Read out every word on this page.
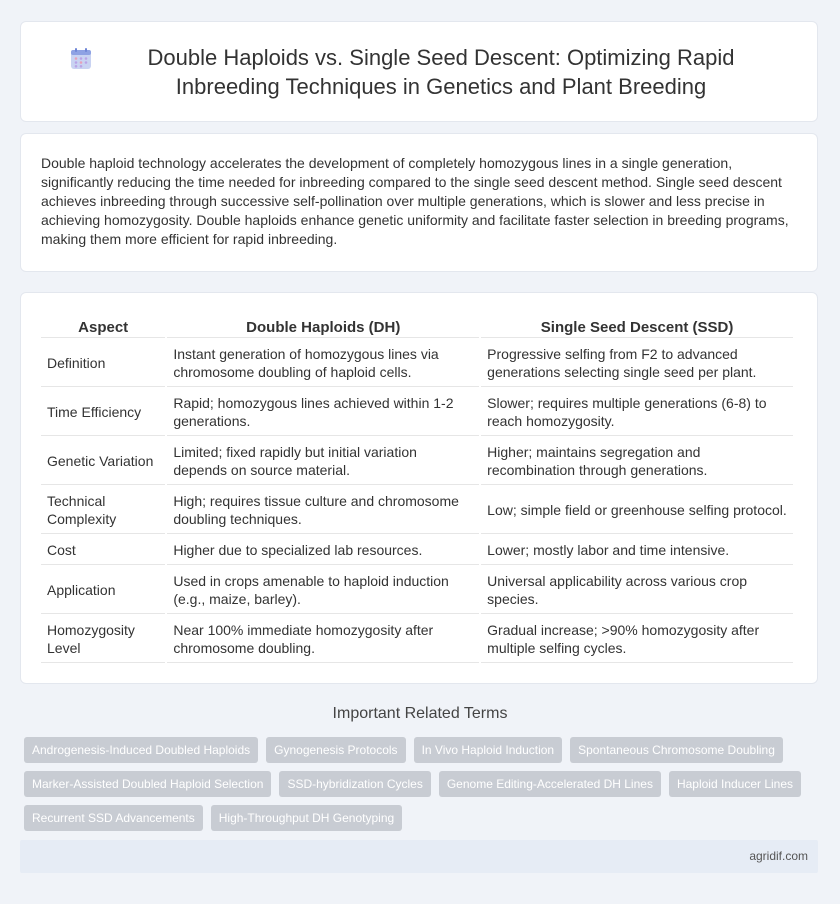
Double Haploids vs. Single Seed Descent: Optimizing Rapid Inbreeding Techniques in Genetics and Plant Breeding

Double haploid technology accelerates the development of completely homozygous lines in a single generation, significantly reducing the time needed for inbreeding compared to the single seed descent method. Single seed descent achieves inbreeding through successive self-pollination over multiple generations, which is slower and less precise in achieving homozygosity. Double haploids enhance genetic uniformity and facilitate faster selection in breeding programs, making them more efficient for rapid inbreeding.

Aspect	Double Haploids (DH)	Single Seed Descent (SSD)
Definition	Instant generation of homozygous lines via chromosome doubling of haploid cells.	Progressive selfing from F2 to advanced generations selecting single seed per plant.
Time Efficiency	Rapid; homozygous lines achieved within 1-2 generations.	Slower; requires multiple generations (6-8) to reach homozygosity.
Genetic Variation	Limited; fixed rapidly but initial variation depends on source material.	Higher; maintains segregation and recombination through generations.
Technical Complexity	High; requires tissue culture and chromosome doubling techniques.	Low; simple field or greenhouse selfing protocol.
Cost	Higher due to specialized lab resources.	Lower; mostly labor and time intensive.
Application	Used in crops amenable to haploid induction (e.g., maize, barley).	Universal applicability across various crop species.
Homozygosity Level	Near 100% immediate homozygosity after chromosome doubling.	Gradual increase; >90% homozygosity after multiple selfing cycles.
Important Related Terms
Androgenesis-Induced Doubled Haploids	Gynogenesis Protocols	In Vivo Haploid Induction	Spontaneous Chromosome Doubling
Marker-Assisted Doubled Haploid Selection	SSD-hybridization Cycles	Genome Editing-Accelerated DH Lines	Haploid Inducer Lines
Recurrent SSD Advancements	High-Throughput DH Genotyping
agridif.com
